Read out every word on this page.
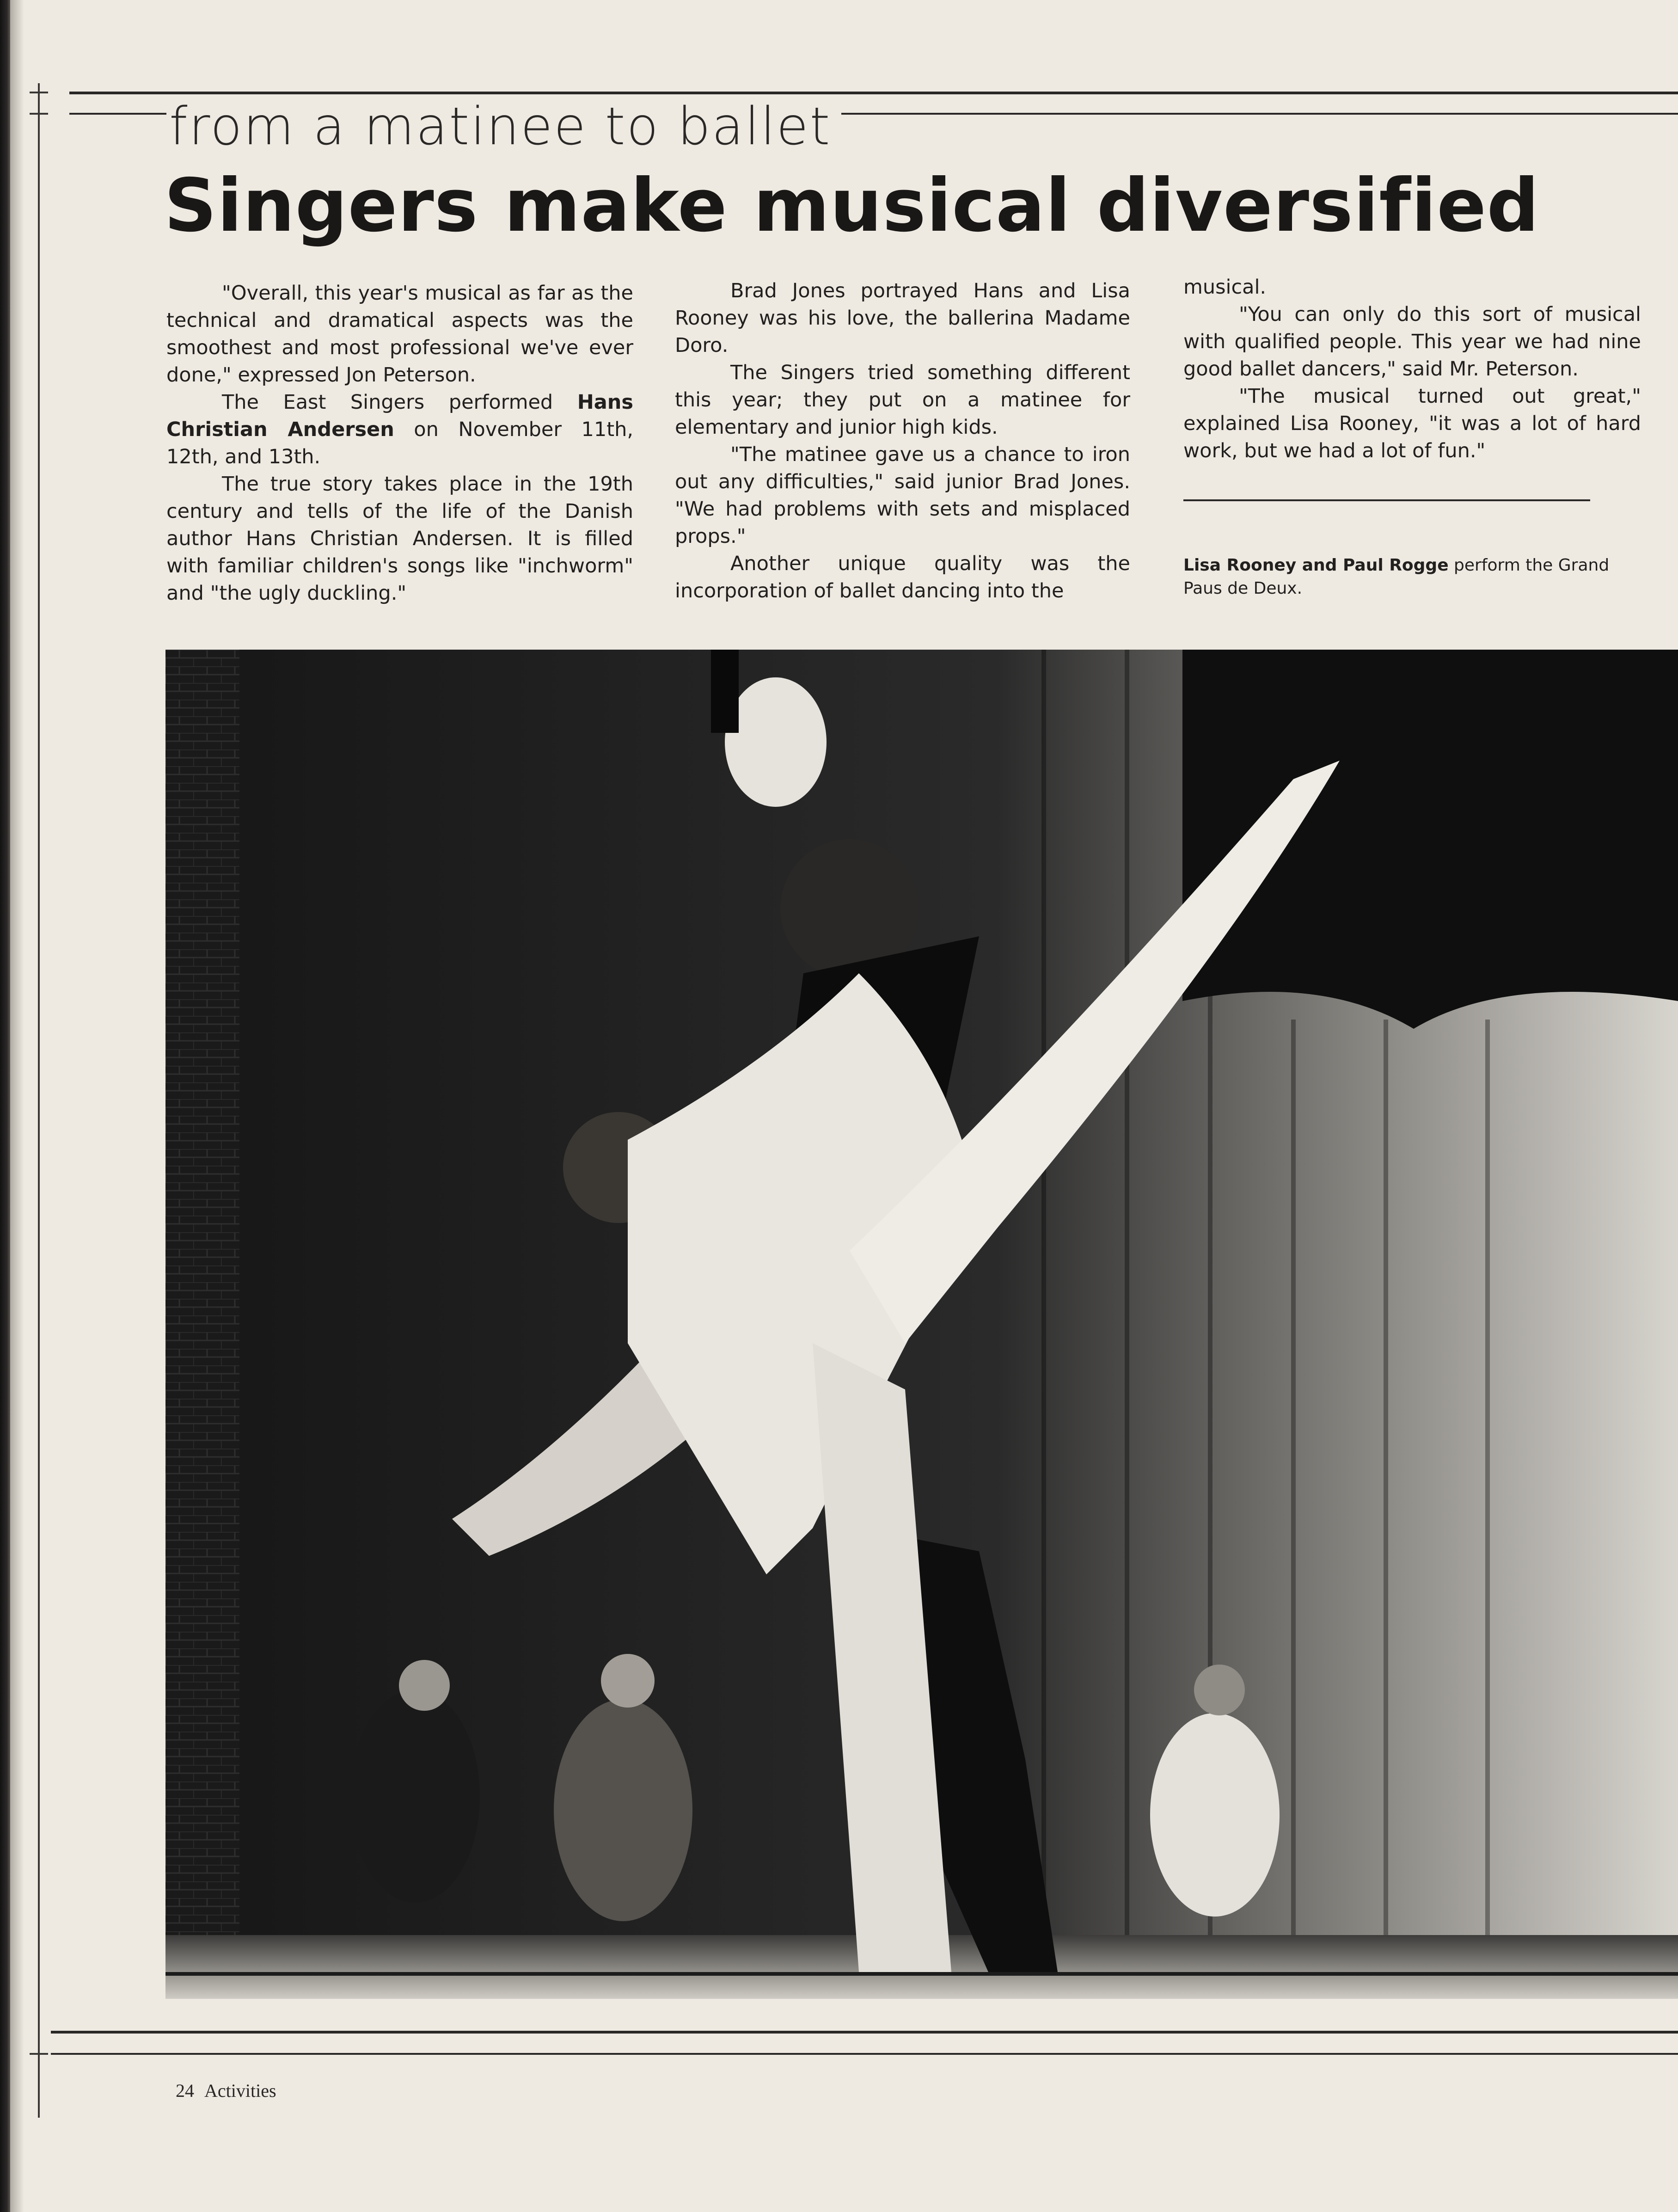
from a matinee to ballet
Singers make musical diversified

"Overall, this year's musical as far as the technical and dramatical aspects was the smoothest and most professional we've ever done," expressed Jon Peterson.

The East Singers performed Hans Christian Andersen on November 11th, 12th, and 13th.

The true story takes place in the 19th century and tells of the life of the Danish author Hans Christian Andersen. It is filled with familiar children's songs like "inchworm" and "the ugly duckling."

Brad Jones portrayed Hans and Lisa Rooney was his love, the ballerina Madame Doro.

The Singers tried something different this year; they put on a matinee for elementary and junior high kids.

"The matinee gave us a chance to iron out any difficulties," said junior Brad Jones. "We had problems with sets and misplaced props."

Another unique quality was the incorporation of ballet dancing into the

musical.

"You can only do this sort of musical with qualified people. This year we had nine good ballet dancers," said Mr. Peterson.

"The musical turned out great," explained Lisa Rooney, "it was a lot of hard work, but we had a lot of fun."

Lisa Rooney and Paul Rogge perform the Grand Paus de Deux.
24 Activities
